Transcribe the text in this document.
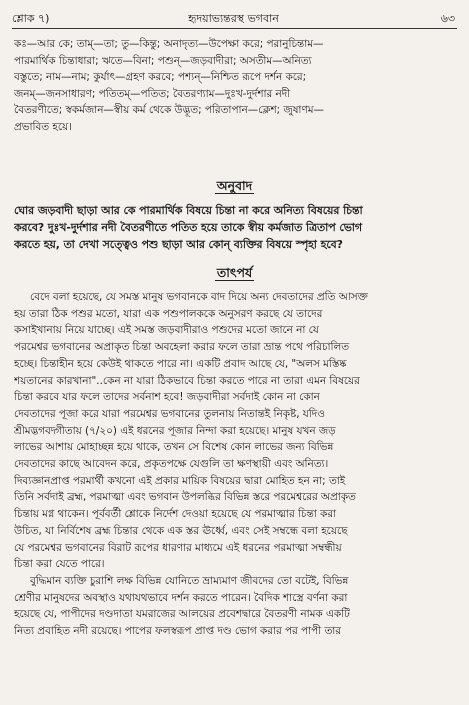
শ্লোক ৭)	হৃদয়াভ্যন্তরস্থ ভগবান	৬৩
কঃ—আর কে; তাম্—তা; তু—কিন্তু; অনাদৃত্য—উপেক্ষা করে; পরানুচিন্তাম—
পারমার্থিক চিন্তাধারা; ঋতে—বিনা; পশুন্—জড়বাদীরা; অসতীম—অনিত্য
বস্তুতে; নাম—নাম; কুর্যাৎ—গ্রহণ করবে; পশ্যন্—নিশ্চিত রূপে দর্শন করে;
জনম্—জনসাধারণ; পতিতম্—পতিত; বৈতরণ্যাম—দুঃখ-দুর্দশার নদী
বৈতরণীতে; স্বকর্মজান—স্বীয় কর্ম থেকে উদ্ভূত; পরিতাপান—ক্লেশ; জুষাণম—
প্রভাবিত হয়ে।
অনুবাদ
ঘোর জড়বাদী ছাড়া আর কে পারমার্থিক বিষয়ে চিন্তা না করে অনিত্য বিষয়ের চিন্তা
করবে? দুঃখ-দুর্দশার নদী বৈতরণীতে পতিত হয়ে তাকে স্বীয় কর্মজাত ত্রিতাপ ভোগ
করতে হয়, তা দেখা সত্ত্বেও পশু ছাড়া আর কোন্ ব্যক্তির বিষয়ে স্পৃহা হবে?
তাৎপর্য
বেদে বলা হয়েছে, যে সমস্ত মানুষ ভগবানকে বাদ দিয়ে অন্য দেবতাদের প্রতি আসক্ত
হয় তারা ঠিক পশুর মতো, যারা এক পশুপালককে অনুসরণ করছে যে তাদের
কসাইখানায় নিয়ে যাচ্ছে। এই সমস্ত জড়বাদীরাও পশুদের মতো জানে না যে
পরমেশ্বর ভগবানের অপ্রাকৃত চিন্তা অবহেলা করার ফলে তারা ভ্রান্ত পথে পরিচালিত
হচ্ছে। চিন্তাহীন হয়ে কেউই থাকতে পারে না। একটি প্রবাদ আছে যে, "অলস মস্তিষ্ক
শয়তানের কারখানা"..কেন না যারা ঠিকভাবে চিন্তা করতে পারে না তারা এমন বিষয়ের
চিন্তা করবে যার ফলে তাদের সর্বনাশ হবে! জড়বাদীরা সর্বদাই কোন না কোন
দেবতাদের পূজা করে যারা পরমেশ্বর ভগবানের তুলনায় নিতান্তই নিকৃষ্ট, যদিও
শ্রীমদ্ভগবদ্গীতায় (৭/২০) এই ধরনের পূজার নিন্দা করা হয়েছে। মানুষ যখন জড়
লাভের আশায় মোহাচ্ছন্ন হয়ে থাকে, তখন সে বিশেষ কোন লাভের জন্য বিভিন্ন
দেবতাদের কাছে আবেদন করে, প্রকৃতপক্ষে যেগুলি তা ক্ষণস্থায়ী এবং অনিত্য।
দিব্যজ্ঞানপ্রাপ্ত পরমার্থী কখনো এই প্রকার মায়িক বিষয়ের দ্বারা মোহিত হন না; তাই
তিনি সর্বদাই ব্রহ্ম, পরমাত্মা এবং ভগবান উপলব্ধির বিভিন্ন স্তরে পরমেশ্বরের অপ্রাকৃত
চিন্তায় মগ্ন থাকেন। পূর্ববর্তী শ্লোকে নির্দেশ দেওয়া হয়েছে যে পরমাত্মার চিন্তা করা
উচিত, যা নির্বিশেষ ব্রহ্ম চিন্তার থেকে এক স্তর ঊর্ধ্বে, এবং সেই সম্বন্ধে বলা হয়েছে
যে পরমেশ্বর ভগবানের বিরাট রূপের ধারণার মাধ্যমে এই ধরনের পরমাত্মা সম্বন্ধীয়
চিন্তা করা যেতে পারে।
বুদ্ধিমান ব্যক্তি চুরাশি লক্ষ বিভিন্ন যোনিতে ভ্রাম্যমাণ জীবদের তো বটেই, বিভিন্ন
শ্রেণীর মানুষদের অবস্থাও যথাযথভাবে দর্শন করতে পারেন। বৈদিক শাস্ত্রে বর্ণনা করা
হয়েছে যে, পাপীদের দণ্ডদাতা যমরাজের আলয়ের প্রবেশদ্বারে বৈতরণী নামক একটি
নিত্য প্রবাহিত নদী রয়েছে। পাপের ফলস্বরূপ প্রাপ্ত দণ্ড ভোগ করার পর পাপী তার
